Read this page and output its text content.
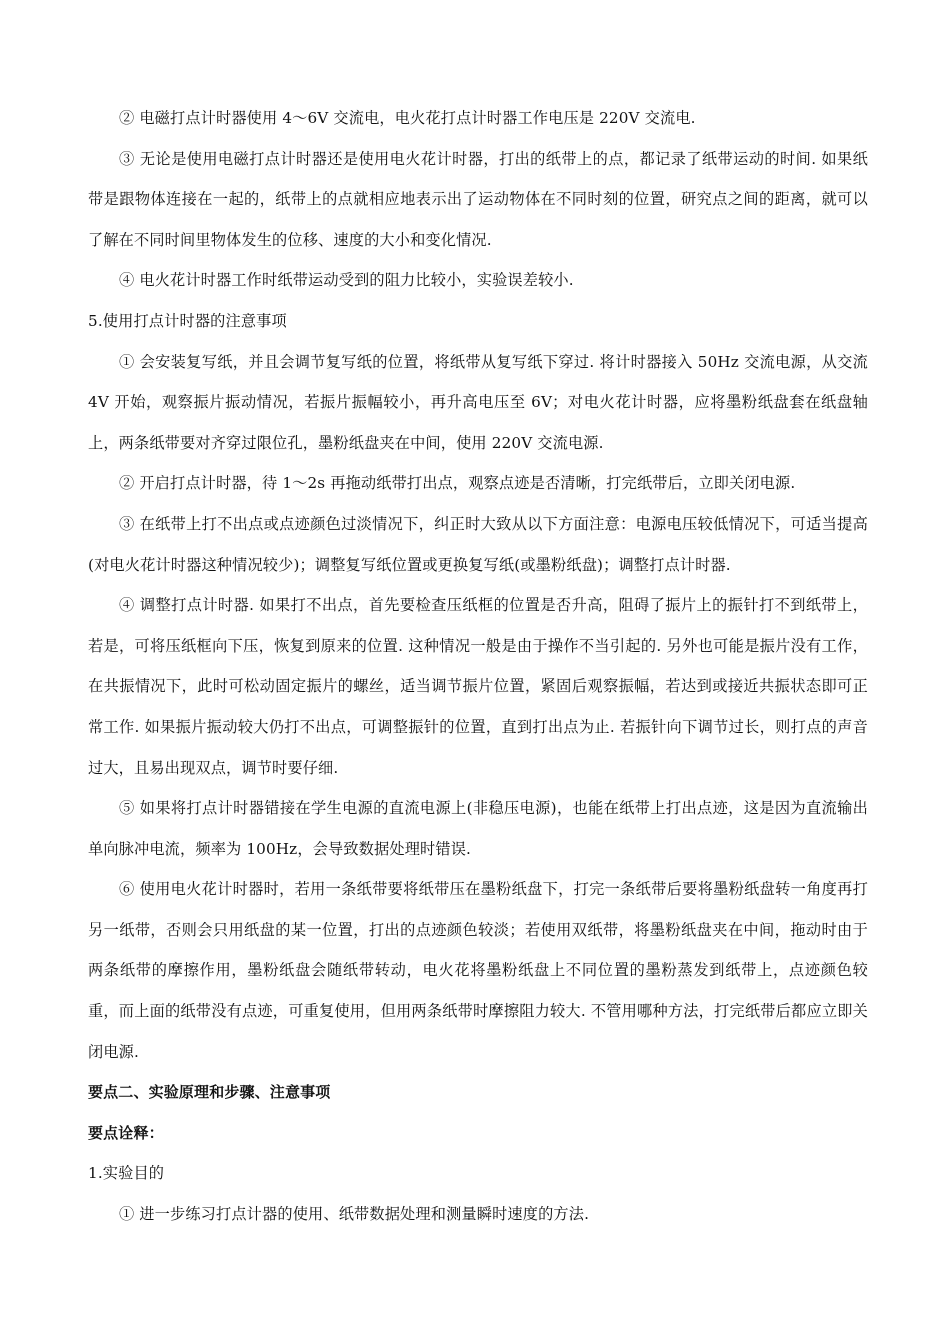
② 电磁打点计时器使用 4～6V 交流电，电火花打点计时器工作电压是 220V 交流电.

③ 无论是使用电磁打点计时器还是使用电火花计时器，打出的纸带上的点，都记录了纸带运动的时间. 如果纸带是跟物体连接在一起的，纸带上的点就相应地表示出了运动物体在不同时刻的位置，研究点之间的距离，就可以了解在不同时间里物体发生的位移、速度的大小和变化情况.

④ 电火花计时器工作时纸带运动受到的阻力比较小，实验误差较小.

5.使用打点计时器的注意事项

① 会安装复写纸，并且会调节复写纸的位置，将纸带从复写纸下穿过. 将计时器接入 50Hz 交流电源，从交流 4V 开始，观察振片振动情况，若振片振幅较小，再升高电压至 6V；对电火花计时器，应将墨粉纸盘套在纸盘轴上，两条纸带要对齐穿过限位孔，墨粉纸盘夹在中间，使用 220V 交流电源.

② 开启打点计时器，待 1～2s 再拖动纸带打出点，观察点迹是否清晰，打完纸带后，立即关闭电源.

③ 在纸带上打不出点或点迹颜色过淡情况下，纠正时大致从以下方面注意：电源电压较低情况下，可适当提高(对电火花计时器这种情况较少)；调整复写纸位置或更换复写纸(或墨粉纸盘)；调整打点计时器.

④ 调整打点计时器. 如果打不出点，首先要检查压纸框的位置是否升高，阻碍了振片上的振针打不到纸带上，若是，可将压纸框向下压，恢复到原来的位置. 这种情况一般是由于操作不当引起的. 另外也可能是振片没有工作，在共振情况下，此时可松动固定振片的螺丝，适当调节振片位置，紧固后观察振幅，若达到或接近共振状态即可正常工作. 如果振片振动较大仍打不出点，可调整振针的位置，直到打出点为止. 若振针向下调节过长，则打点的声音过大，且易出现双点，调节时要仔细.

⑤ 如果将打点计时器错接在学生电源的直流电源上(非稳压电源)，也能在纸带上打出点迹，这是因为直流输出单向脉冲电流，频率为 100Hz，会导致数据处理时错误.

⑥ 使用电火花计时器时，若用一条纸带要将纸带压在墨粉纸盘下，打完一条纸带后要将墨粉纸盘转一角度再打另一纸带，否则会只用纸盘的某一位置，打出的点迹颜色较淡；若使用双纸带，将墨粉纸盘夹在中间，拖动时由于两条纸带的摩擦作用，墨粉纸盘会随纸带转动，电火花将墨粉纸盘上不同位置的墨粉蒸发到纸带上，点迹颜色较重，而上面的纸带没有点迹，可重复使用，但用两条纸带时摩擦阻力较大. 不管用哪种方法，打完纸带后都应立即关闭电源.

要点二、实验原理和步骤、注意事项

要点诠释：

1.实验目的

① 进一步练习打点计器的使用、纸带数据处理和测量瞬时速度的方法.
